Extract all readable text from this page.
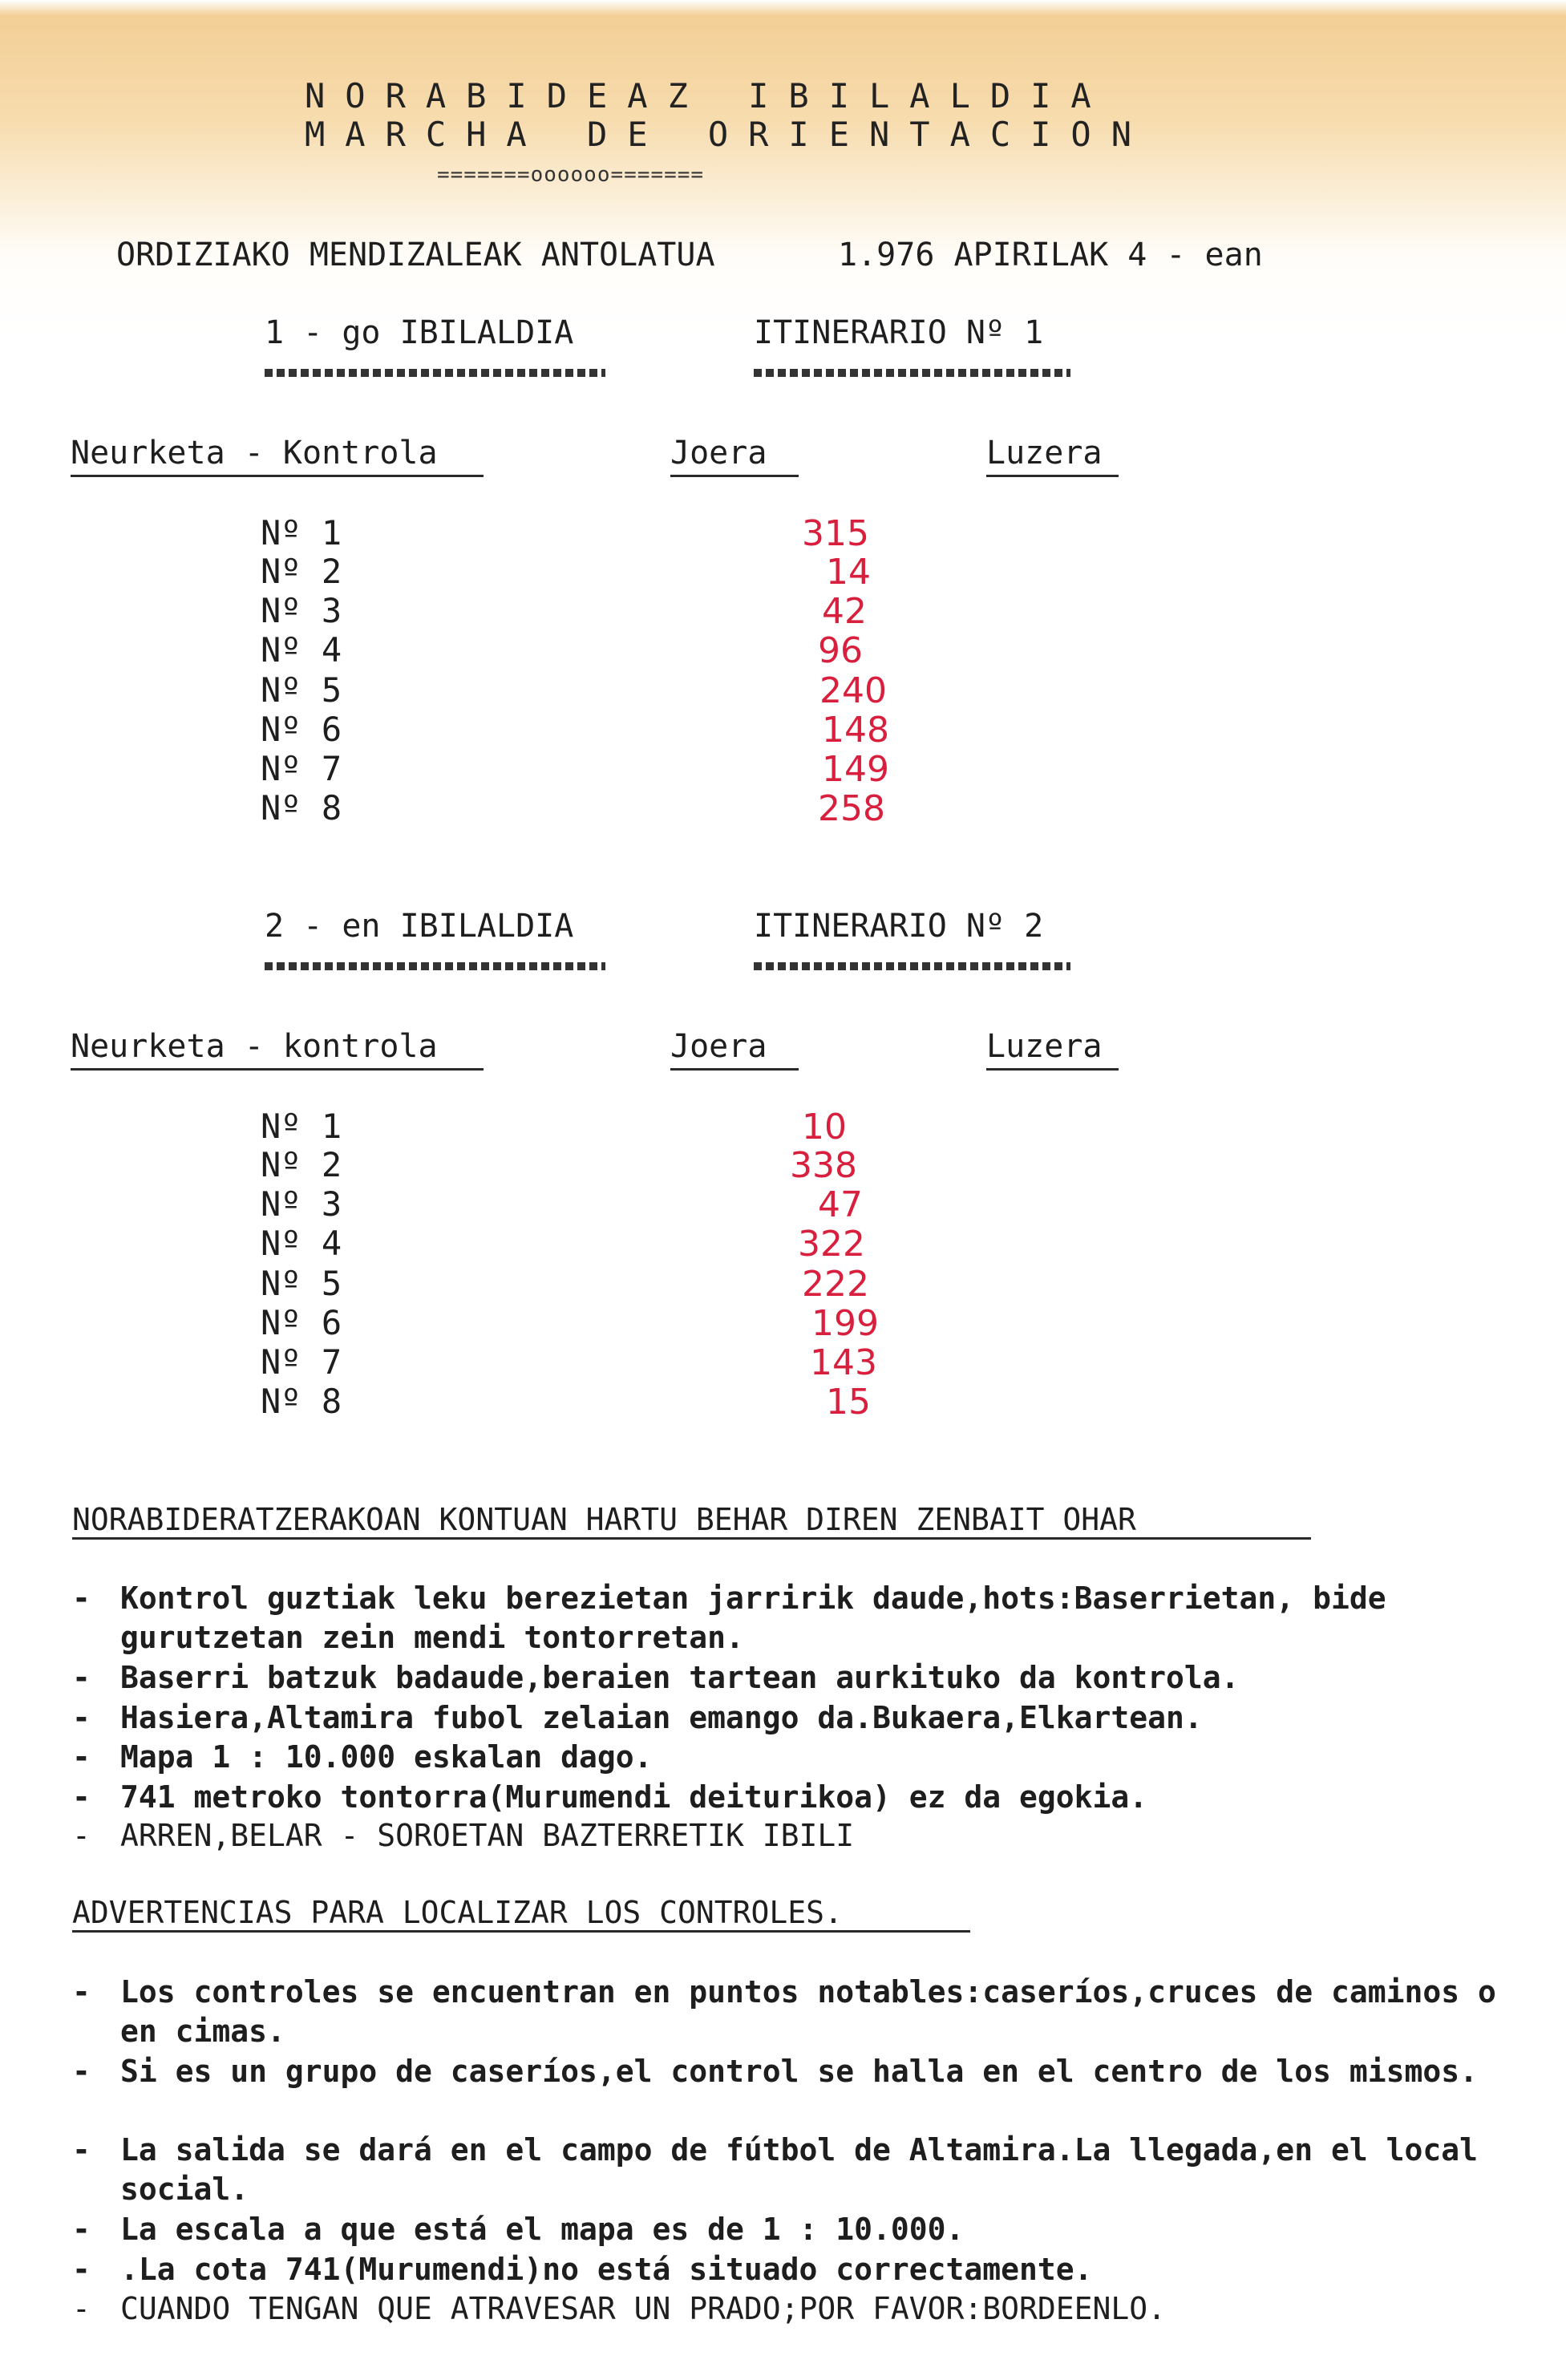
NORABIDEAZ IBILALDIA
MARCHA DE ORIENTACION
=======oooooo=======
ORDIZIAKO MENDIZALEAK ANTOLATUA	1.976 APIRILAK 4 - ean
1 - go IBILALDIA	ITINERARIO Nº 1
Neurketa - Kontrola	Joera	Luzera
Nº 1	315
Nº 2	14
Nº 3	42
Nº 4	96
Nº 5	240
Nº 6	148
Nº 7	149
Nº 8	258
2 - en IBILALDIA	ITINERARIO Nº 2
Neurketa - kontrola	Joera	Luzera
Nº 1	10
Nº 2	338
Nº 3	47
Nº 4	322
Nº 5	222
Nº 6	199
Nº 7	143
Nº 8	15
NORABIDERATZERAKOAN KONTUAN HARTU BEHAR DIREN ZENBAIT OHAR
- Kontrol guztiak leku berezietan jarririk daude,hots:Baserrietan, bide gurutzetan zein mendi tontorretan.
- Baserri batzuk badaude,beraien tartean aurkituko da kontrola.
- Hasiera,Altamira fubol zelaian emango da.Bukaera,Elkartean.
- Mapa 1 : 10.000 eskalan dago.
- 741 metroko tontorra(Murumendi deiturikoa) ez da egokia.
- ARREN,BELAR - SOROETAN BAZTERRETIK IBILI
ADVERTENCIAS PARA LOCALIZAR LOS CONTROLES.
- Los controles se encuentran en puntos notables:caseríos,cruces de caminos o en cimas.
- Si es un grupo de caseríos,el control se halla en el centro de los mismos.
- La salida se dará en el campo de fútbol de Altamira.La llegada,en el local social.
- La escala a que está el mapa es de 1 : 10.000.
- .La cota 741(Murumendi)no está situado correctamente.
- CUANDO TENGAN QUE ATRAVESAR UN PRADO;POR FAVOR:BORDEENLO.
